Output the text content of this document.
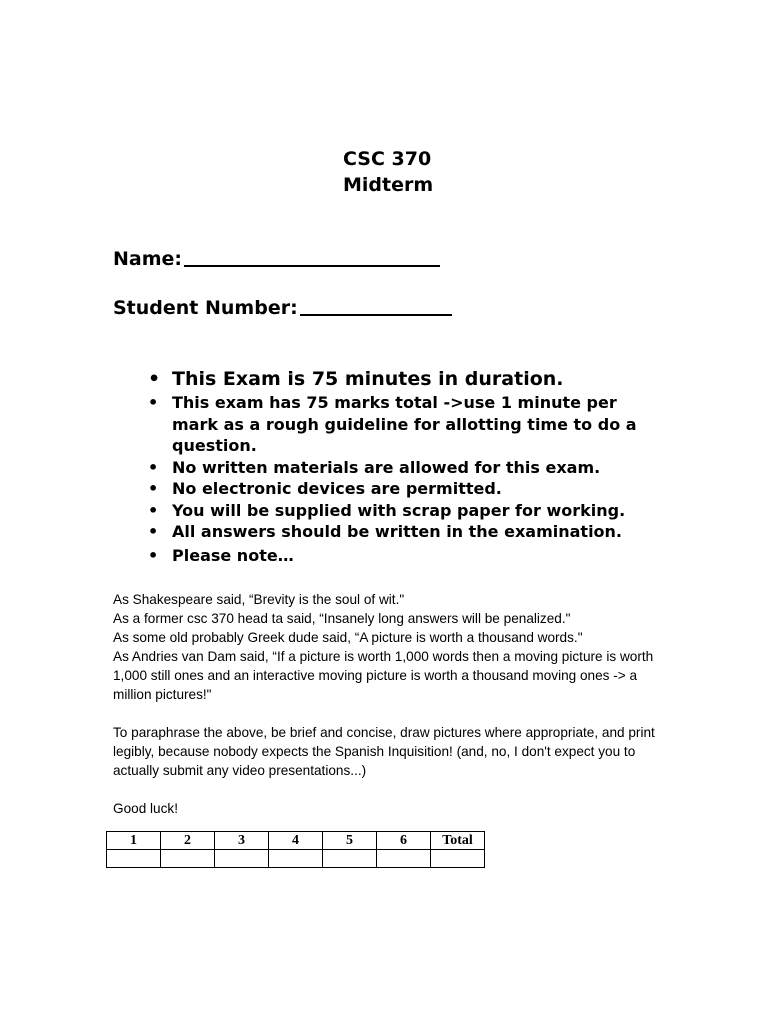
CSC 370
Midterm
Name:
Student Number:
• This Exam is 75 minutes in duration.
• This exam has 75 marks total ->use 1 minute per mark as a rough guideline for allotting time to do a question.
• No written materials are allowed for this exam.
• No electronic devices are permitted.
• You will be supplied with scrap paper for working.
• All answers should be written in the examination.
• Please note…

As Shakespeare said, “Brevity is the soul of wit."

As a former csc 370 head ta said, “Insanely long answers will be penalized."

As some old probably Greek dude said, “A picture is worth a thousand words."

As Andries van Dam said, “If a picture is worth 1,000 words then a moving picture is worth 1,000 still ones and an interactive moving picture is worth a thousand moving ones -> a million pictures!"

To paraphrase the above, be brief and concise, draw pictures where appropriate, and print legibly, because nobody expects the Spanish Inquisition! (and, no, I don't expect you to actually submit any video presentations...)

Good luck!

1	2	3	4	5	6	Total
